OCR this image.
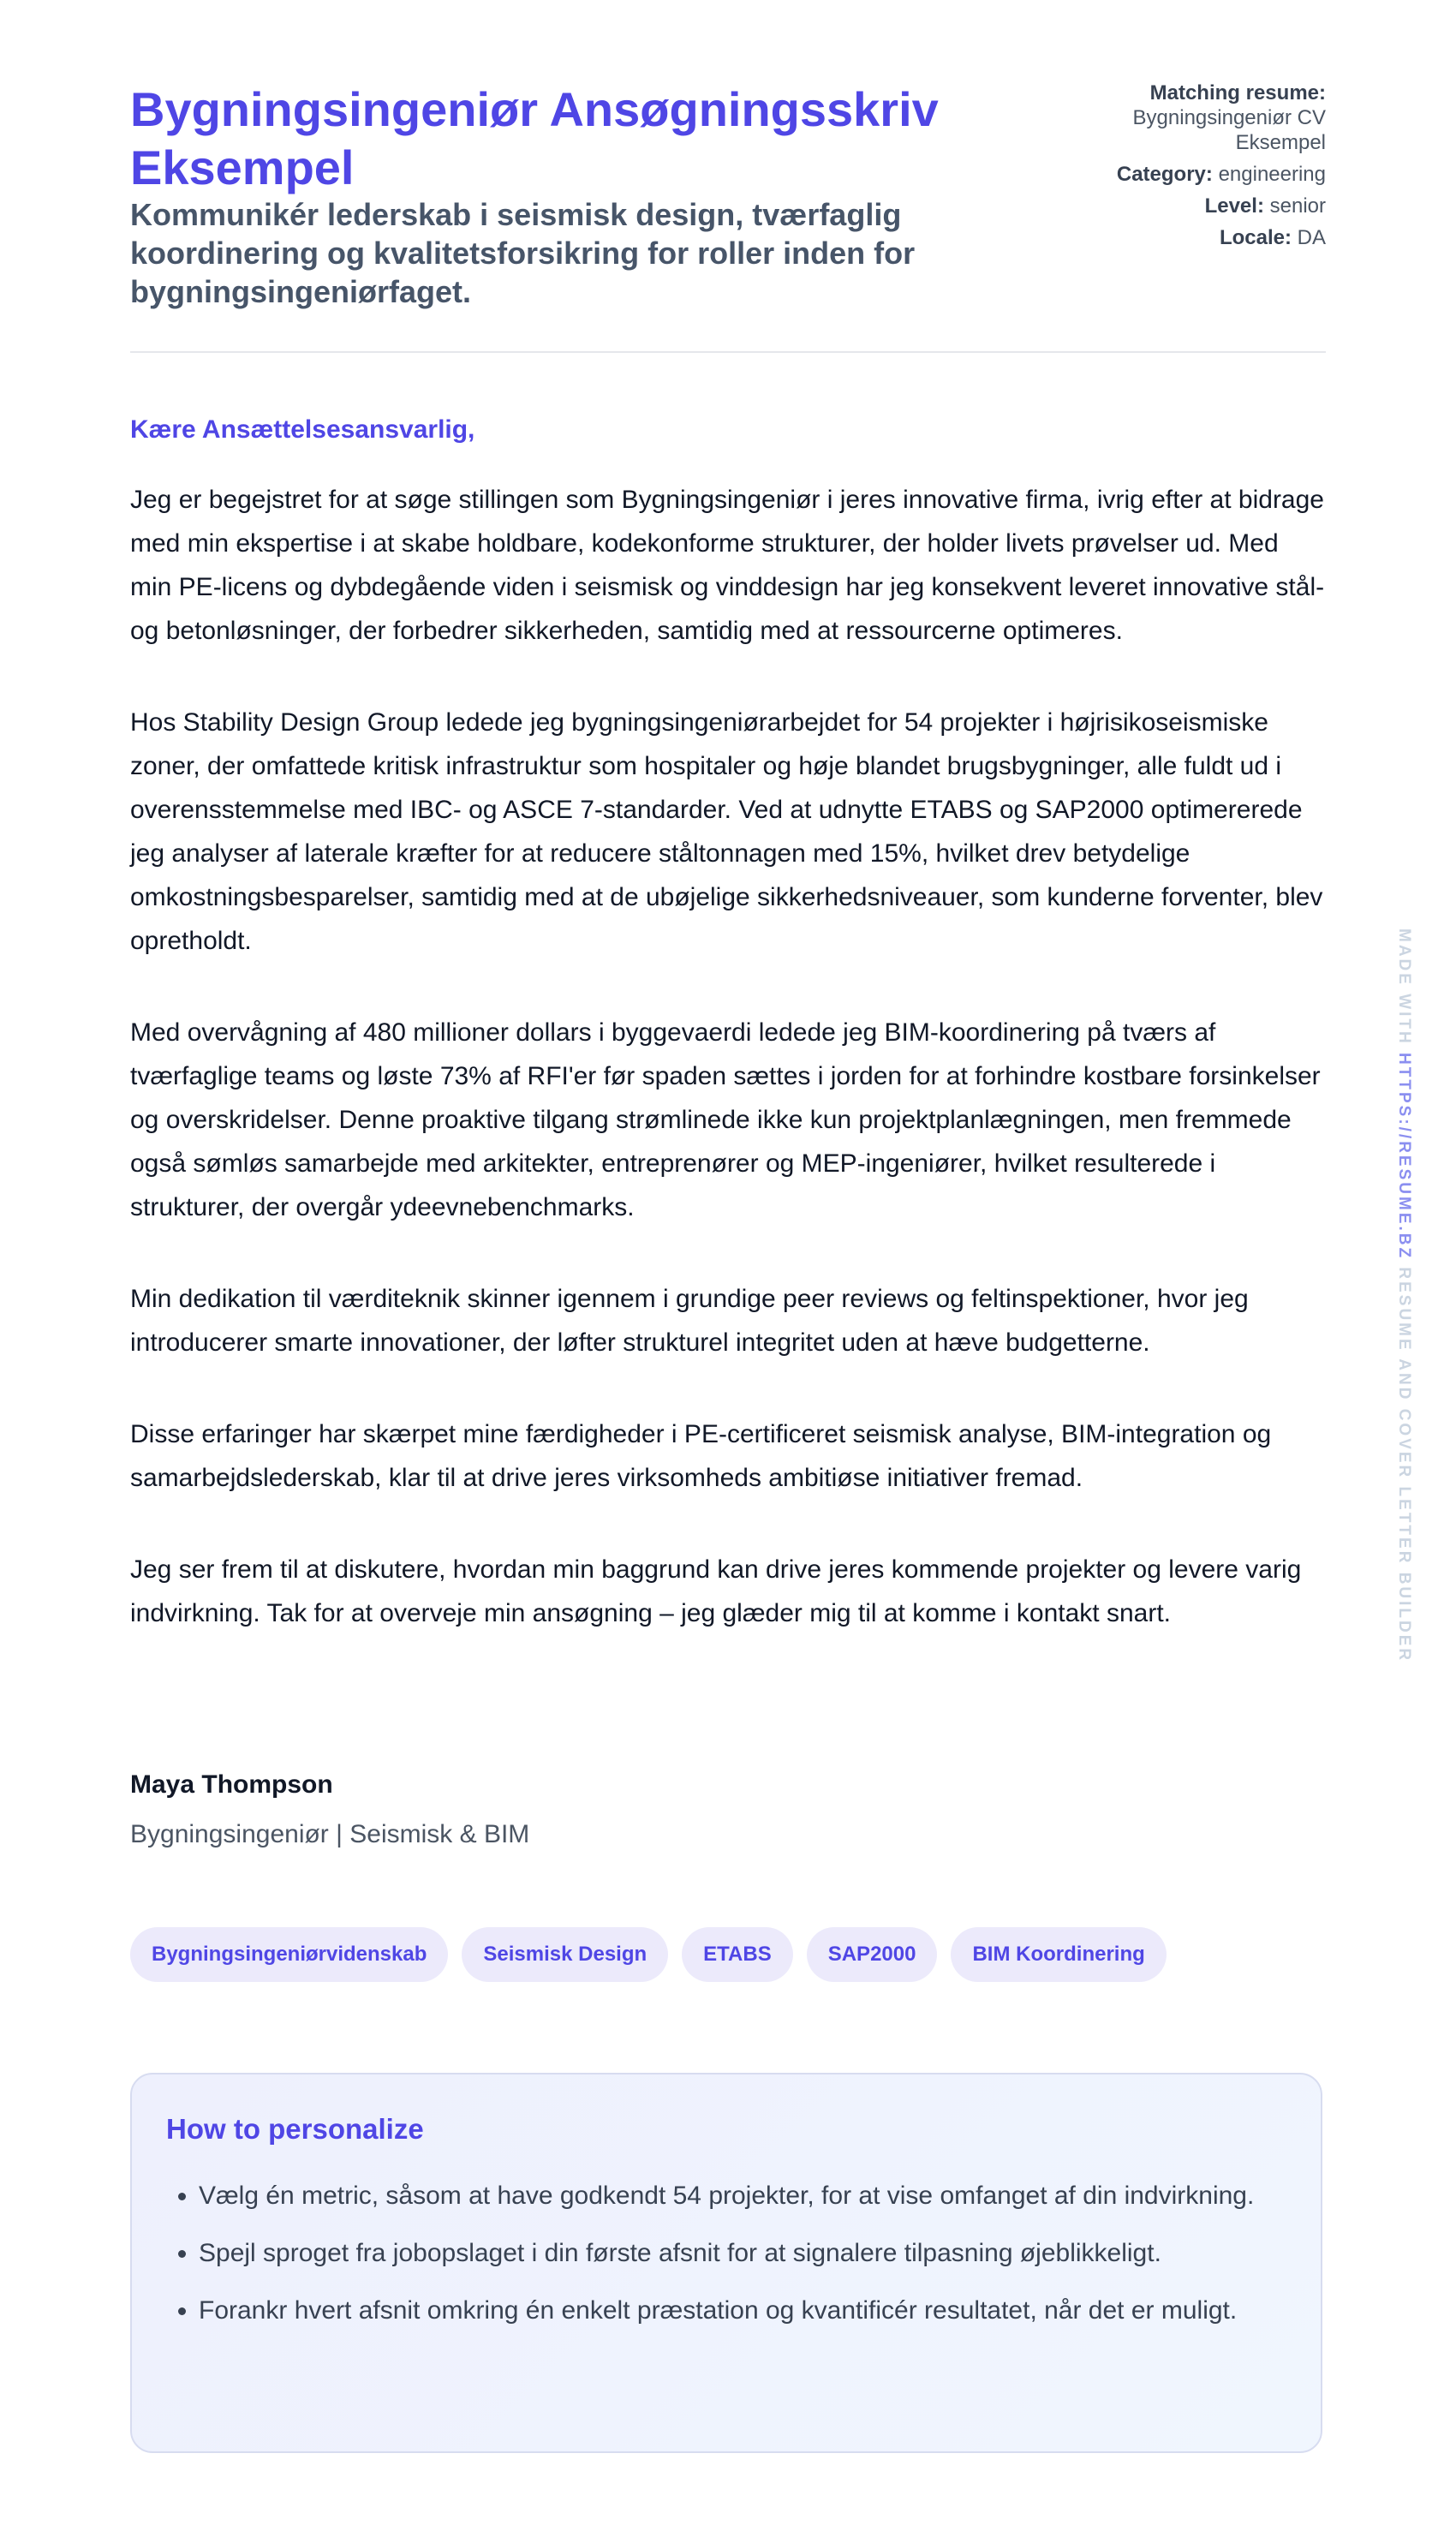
Bygningsingeniør Ansøgningsskriv Eksempel

Kommunikér lederskab i seismisk design, tværfaglig koordinering og kvalitetsforsikring for roller inden for bygningsingeniørfaget.

Matching resume:
Bygningsingeniør CV Eksempel
Category: engineering
Level: senior
Locale: DA

Kære Ansættelsesansvarlig,

Jeg er begejstret for at søge stillingen som Bygningsingeniør i jeres innovative firma, ivrig efter at bidrage med min ekspertise i at skabe holdbare, kodekonforme strukturer, der holder livets prøvelser ud. Med min PE-licens og dybdegående viden i seismisk og vinddesign har jeg konsekvent leveret innovative stål- og betonløsninger, der forbedrer sikkerheden, samtidig med at ressourcerne optimeres.

Hos Stability Design Group ledede jeg bygningsingeniørarbejdet for 54 projekter i højrisikoseismiske zoner, der omfattede kritisk infrastruktur som hospitaler og høje blandet brugsbygninger, alle fuldt ud i overensstemmelse med IBC- og ASCE 7-standarder. Ved at udnytte ETABS og SAP2000 optimererede jeg analyser af laterale kræfter for at reducere ståltonnagen med 15%, hvilket drev betydelige omkostningsbesparelser, samtidig med at de ubøjelige sikkerhedsniveauer, som kunderne forventer, blev opretholdt.

Med overvågning af 480 millioner dollars i byggevaerdi ledede jeg BIM-koordinering på tværs af tværfaglige teams og løste 73% af RFI'er før spaden sættes i jorden for at forhindre kostbare forsinkelser og overskridelser. Denne proaktive tilgang strømlinede ikke kun projektplanlægningen, men fremmede også sømløs samarbejde med arkitekter, entreprenører og MEP-ingeniører, hvilket resulterede i strukturer, der overgår ydeevnebenchmarks.

Min dedikation til værditeknik skinner igennem i grundige peer reviews og feltinspektioner, hvor jeg introducerer smarte innovationer, der løfter strukturel integritet uden at hæve budgetterne.

Disse erfaringer har skærpet mine færdigheder i PE-certificeret seismisk analyse, BIM-integration og samarbejdslederskab, klar til at drive jeres virksomheds ambitiøse initiativer fremad.

Jeg ser frem til at diskutere, hvordan min baggrund kan drive jeres kommende projekter og levere varig indvirkning. Tak for at overveje min ansøgning – jeg glæder mig til at komme i kontakt snart.

Maya Thompson

Bygningsingeniør | Seismisk & BIM

Bygningsingeniørvidenskab	Seismisk Design	ETABS	SAP2000	BIM Koordinering
How to personalize
• Vælg én metric, såsom at have godkendt 54 projekter, for at vise omfanget af din indvirkning.
• Spejl sproget fra jobopslaget i din første afsnit for at signalere tilpasning øjeblikkeligt.
• Forankr hvert afsnit omkring én enkelt præstation og kvantificér resultatet, når det er muligt.
MADE WITH HTTPS://RESUME.BZ RESUME AND COVER LETTER BUILDER
